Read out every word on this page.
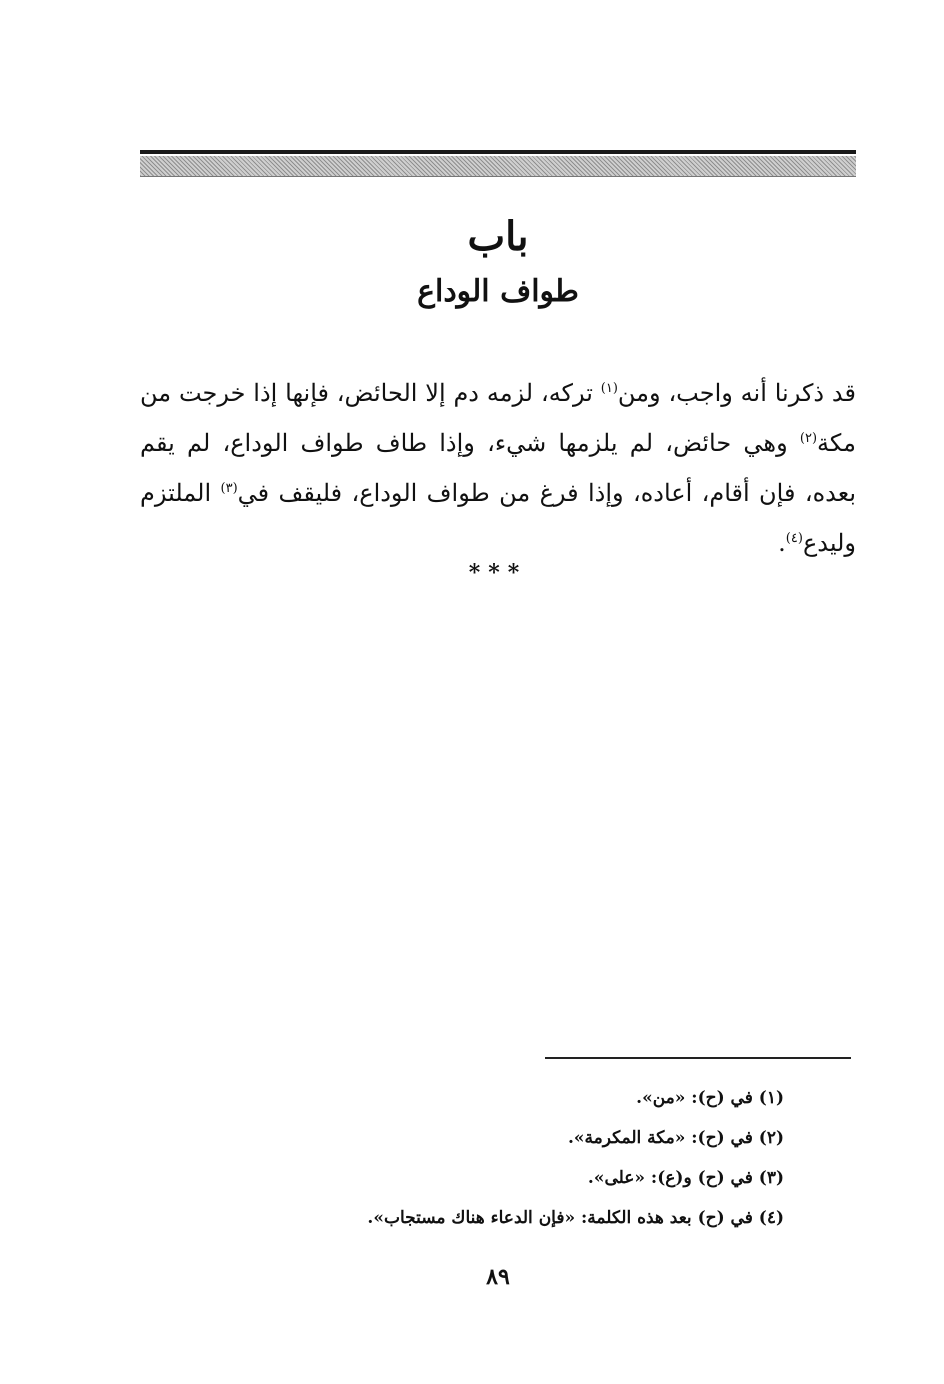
باب
طواف الوداع

قد ذكرنا أنه واجب، ومن$^{(١)}$ تركه، لزمه دم إلا الحائض، فإنها إذا خرجت من مكة$^{(٢)}$ وهي حائض، لم يلزمها شيء، وإذا طاف طواف الوداع، لم يقم بعده، فإن أقام، أعاده، وإذا فرغ من طواف الوداع، فليقف في$^{(٣)}$ الملتزم وليدع$^{(٤)}$.

***
(١) في (ح): «من».
(٢) في (ح): «مكة المكرمة».
(٣) في (ح) و(ع): «على».
(٤) في (ح) بعد هذه الكلمة: «فإن الدعاء هناك مستجاب».
٨٩
